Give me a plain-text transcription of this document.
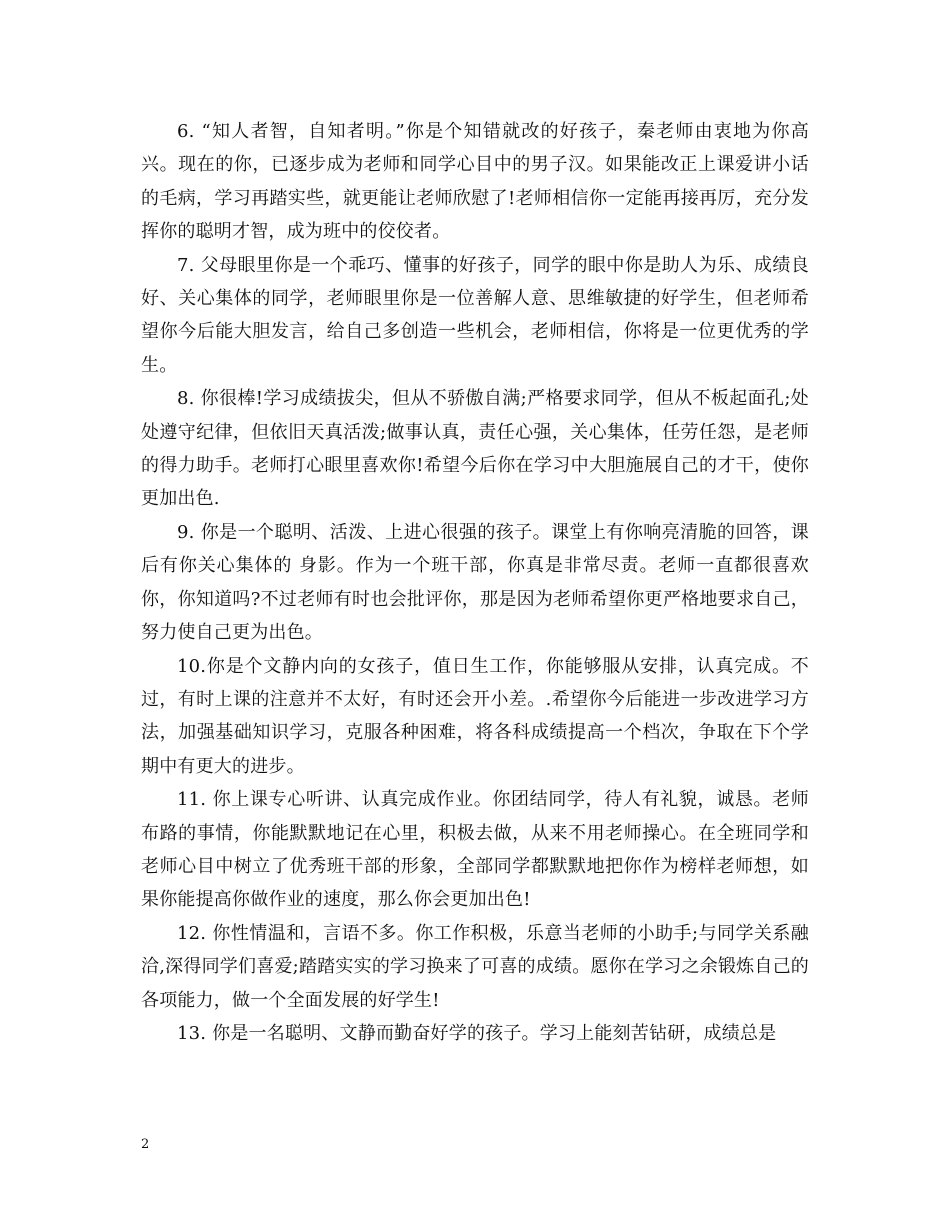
6. “知人者智，自知者明。”你是个知错就改的好孩子，秦老师由衷地为你高兴。现在的你，已逐步成为老师和同学心目中的男子汉。如果能改正上课爱讲小话的毛病，学习再踏实些，就更能让老师欣慰了!老师相信你一定能再接再厉，充分发挥你的聪明才智，成为班中的佼佼者。

7. 父母眼里你是一个乖巧、懂事的好孩子，同学的眼中你是助人为乐、成绩良好、关心集体的同学，老师眼里你是一位善解人意、思维敏捷的好学生，但老师希望你今后能大胆发言，给自己多创造一些机会，老师相信，你将是一位更优秀的学生。

8. 你很棒!学习成绩拔尖，但从不骄傲自满;严格要求同学，但从不板起面孔;处处遵守纪律，但依旧天真活泼;做事认真，责任心强，关心集体，任劳任怨，是老师的得力助手。老师打心眼里喜欢你!希望今后你在学习中大胆施展自己的才干，使你更加出色.

9. 你是一个聪明、活泼、上进心很强的孩子。课堂上有你响亮清脆的回答，课后有你关心集体的 身影。作为一个班干部，你真是非常尽责。老师一直都很喜欢你，你知道吗?不过老师有时也会批评你，那是因为老师希望你更严格地要求自己，努力使自己更为出色。

10.你是个文静内向的女孩子，值日生工作，你能够服从安排，认真完成。不过，有时上课的注意并不太好，有时还会开小差。.希望你今后能进一步改进学习方法，加强基础知识学习，克服各种困难，将各科成绩提高一个档次，争取在下个学期中有更大的进步。

11. 你上课专心听讲、认真完成作业。你团结同学，待人有礼貌，诚恳。老师布路的事情，你能默默地记在心里，积极去做，从来不用老师操心。在全班同学和老师心目中树立了优秀班干部的形象，全部同学都默默地把你作为榜样老师想，如果你能提高你做作业的速度，那么你会更加出色!

12. 你性情温和，言语不多。你工作积极，乐意当老师的小助手;与同学关系融洽,深得同学们喜爱;踏踏实实的学习换来了可喜的成绩。愿你在学习之余锻炼自己的各项能力，做一个全面发展的好学生!

13. 你是一名聪明、文静而勤奋好学的孩子。学习上能刻苦钻研，成绩总是

2
